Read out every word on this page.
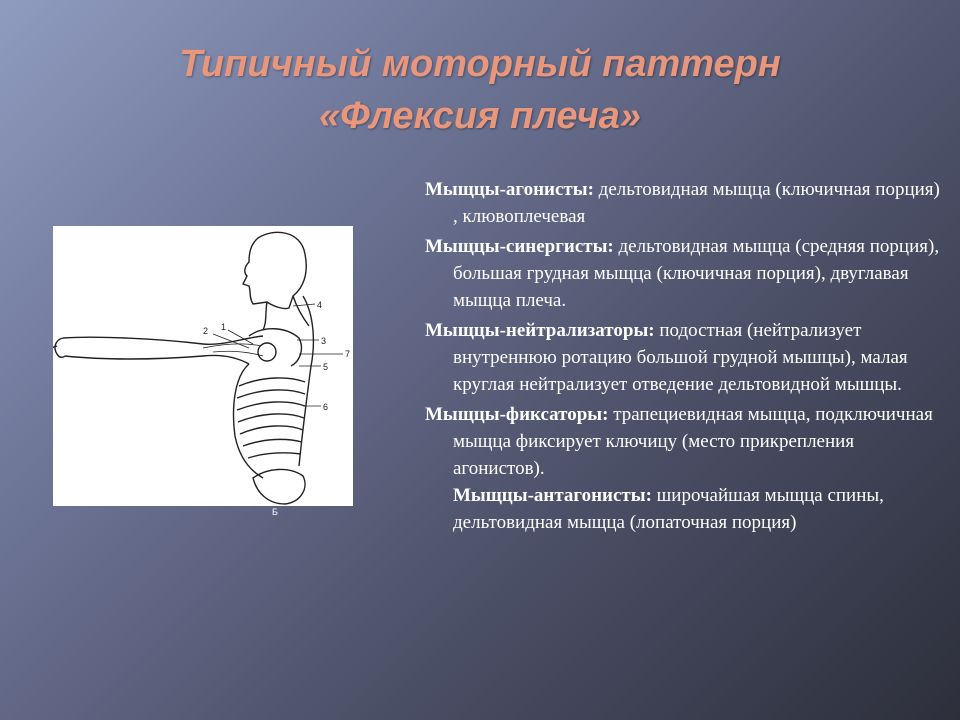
Типичный моторный паттерн
«Флексия плеча»
1
2
3
4
5
6
7
Б
Мыщцы-агонисты: дельтовидная мыщца (ключичная порция) , клювоплечевая
Мыщцы-синергисты: дельтовидная мыщца (средняя порция), большая грудная мыщца (ключичная порция), двуглавая мыщца плеча.
Мыщцы-нейтрализаторы: подостная (нейтрализует внутреннюю ротацию большой грудной мышцы), малая круглая нейтрализует отведение дельтовидной мышцы.
Мыщцы-фиксаторы: трапециевидная мыщца, подключичная мыщца фиксирует ключицу (место прикрепления агонистов).
Мыщцы-антагонисты: широчайшая мыщца спины, дельтовидная мыщца (лопаточная порция)
